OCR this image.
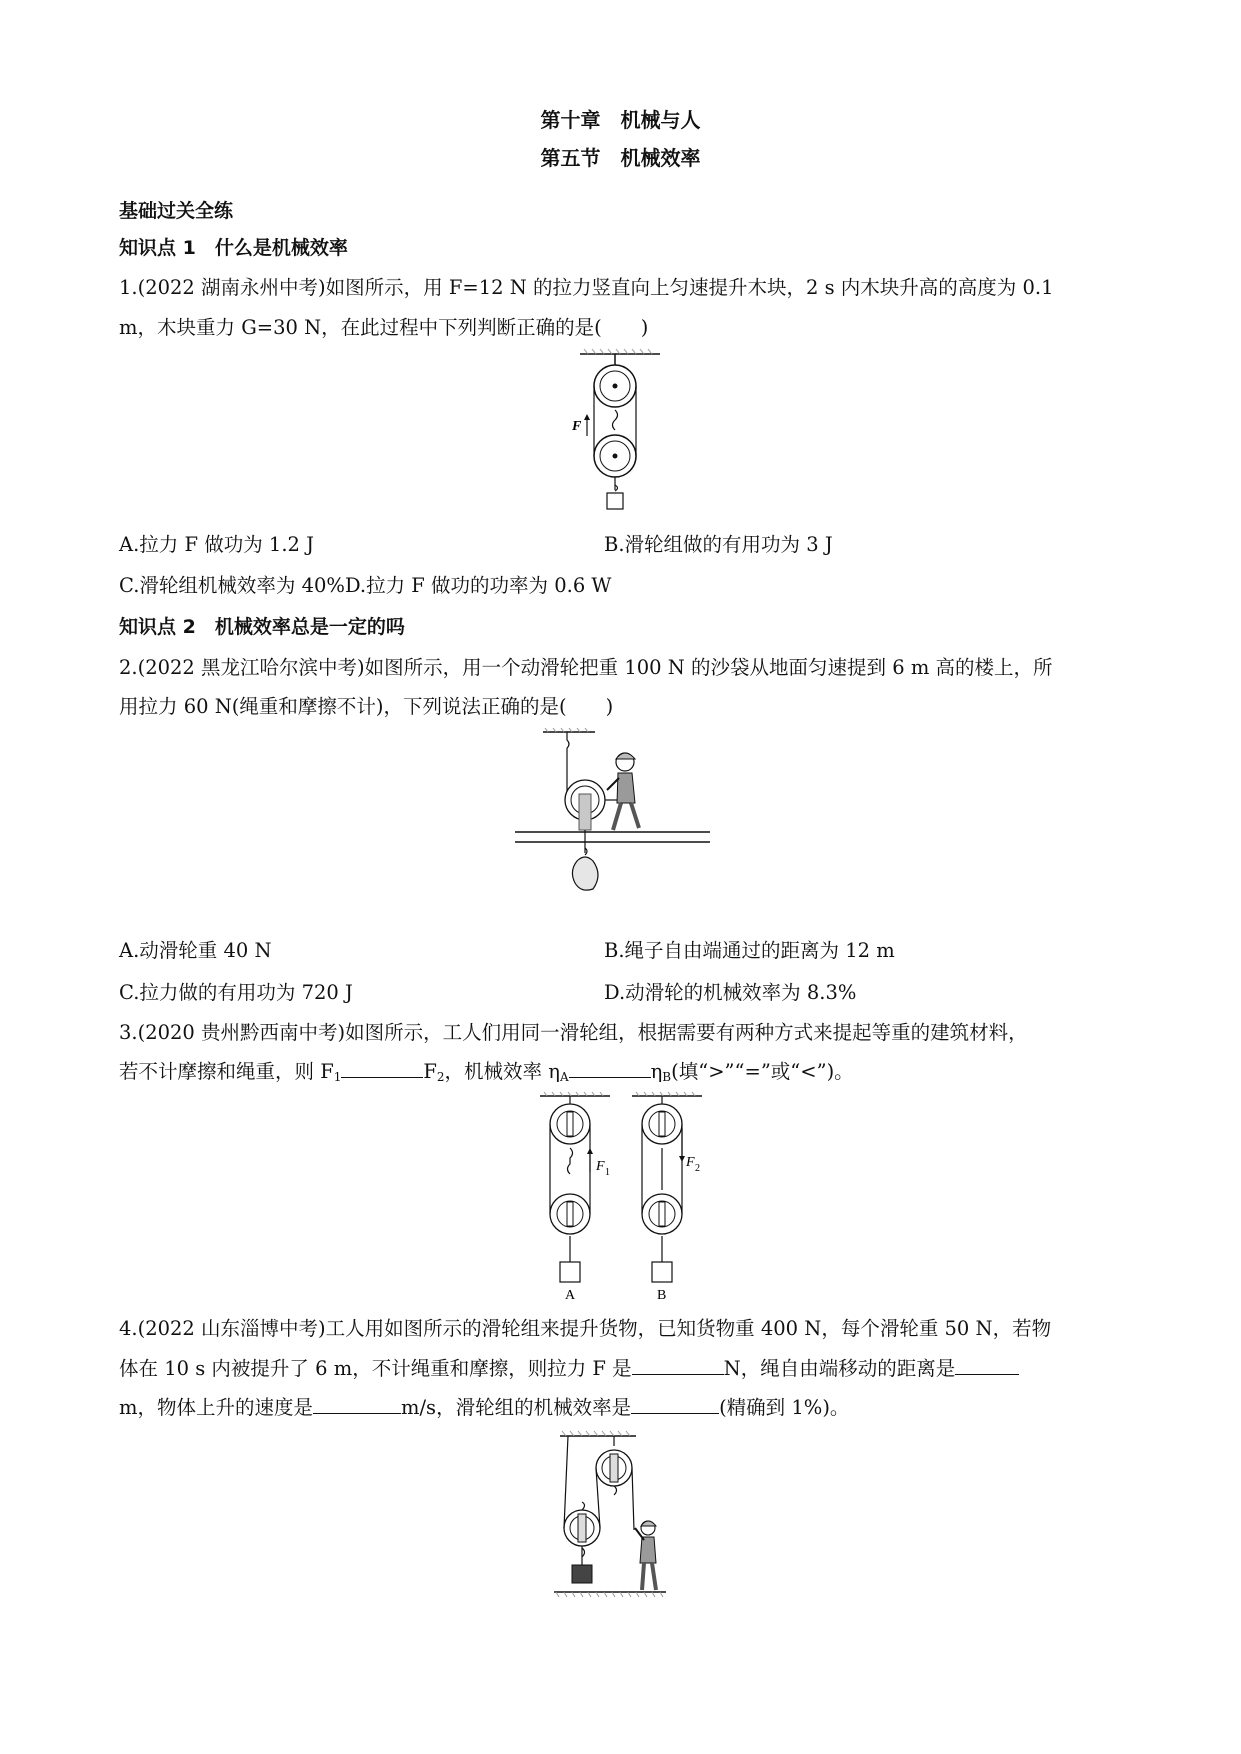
第十章　机械与人
第五节　机械效率
基础过关全练
知识点 1　什么是机械效率
1.(2022 湖南永州中考)如图所示，用 F=12 N 的拉力竖直向上匀速提升木块，2 s 内木块升高的高度为 0.1
m，木块重力 G=30 N，在此过程中下列判断正确的是(　　)
F
A.拉力 F 做功为 1.2 J	B.滑轮组做的有用功为 3 J
C.滑轮组机械效率为 40%D.拉力 F 做功的功率为 0.6 W
知识点 2　机械效率总是一定的吗
2.(2022 黑龙江哈尔滨中考)如图所示，用一个动滑轮把重 100 N 的沙袋从地面匀速提到 6 m 高的楼上，所
用拉力 60 N(绳重和摩擦不计)，下列说法正确的是(　　)
A.动滑轮重 40 N	B.绳子自由端通过的距离为 12 m
C.拉力做的有用功为 720 J	D.动滑轮的机械效率为 8.3%
3.(2020 贵州黔西南中考)如图所示，工人们用同一滑轮组，根据需要有两种方式来提起等重的建筑材料，
若不计摩擦和绳重，则 $F_1$	$F_2$，机械效率 $\eta_A$	$\eta_B$(填“>”“=”或“<”)。
F 1
A
F 2
B
4.(2022 山东淄博中考)工人用如图所示的滑轮组来提升货物，已知货物重 400 N，每个滑轮重 50 N，若物
体在 10 s 内被提升了 6 m，不计绳重和摩擦，则拉力 F 是	N，绳自由端移动的距离是
m，物体上升的速度是	m/s，滑轮组的机械效率是	(精确到 1%)。
